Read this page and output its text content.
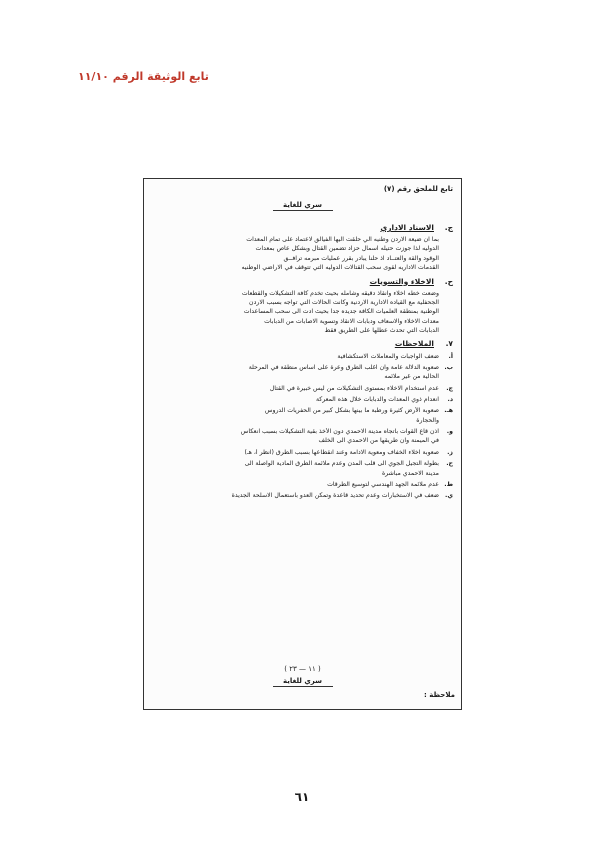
تابع الوثيقة الرقم ١١/١٠
تابع للملحق رقم (٧)
سري للغاية
ج.
الاسناد الاداري

بما ان ضيعة الاردن وطنيه الي حلقت اليها الفيالق لاعتماد على تمام المعدات

الدوليه لذا جوزت حتيله اسمال حزاد تضمين القتال وبشكل عاص بمعدات

الوقود والقة والعتــاد اذ حلنا يبادر بقرر عمليات مبرمه ترافــق

القدمات الاداريه لقوى سحب القتالات الدوليه التي تتوقف في الاراضي الوطنيه

ح.
الاخلاء والتسويات

وضعت خطه اخلاء وانقاذ دقيقه وشامله بحيث تخدم كافة التشكيلات والقطعات

الجحفلية مع القياده الادارية الاردنية وكانت الحالات التي تواجه بسبب الاردن

الوطنية بمنطقة العلميات الكافة جديده جدا بحيث ادت الى سحب المساعدات

معدات الاخلاء والاسعاف ودبابات الانقاذ وتسوية الاصابات من الدبابات

الدبابات التي تحدث عطلها على الطريق فقط

٧.
الملاحظات
أ.

ضعف الواجبات والمعاملات الاستكشافية

ب.

صعوبة الدلالة عامة وان اغلب الطرق وعرة على اساس منطقة في المرحلة

الحالية من غير ملائمه

ج.

عدم استخدام الاخلاء بمستوى التشكيلات من ليس خبيرة في القتال

د.

انعدام ذوي المعدات والدبابات خلال هذه المعركة

هـ.

صعوبة الأرض كثيرة ورطبة ما بينها بشكل كبير من الحفريات الدروس

والحجارة

و.

اذن قاع القوات باتجاه مدينة الاحمدي دون الأخذ بقية التشكيلات بسبب انعكاس

في الميمنة وان طريقها من الاحمدي الى الخلف

ز.

صعوبة اخلاء الخفاف ومعوية الادامة وعند انقطاعها بسبب الطرق (انظر أ، هـ)

ح.

بطولة التجيل الجوي الى قلب المدن وعدم ملائمة الطرق المادية الواصلة الى

مدينة الاحمدي مباشرة

ط.

عدم ملائمة الجهد الهندسي لتوسيع الطرقات

ي.

ضعف في الاستخبارات وعدم تحديد قاعدة وتمكن العدو باستعمال الاسلحة الجديدة

( ١١ — ٢٣ )
سري للغاية
ملاحظة :
٦١
